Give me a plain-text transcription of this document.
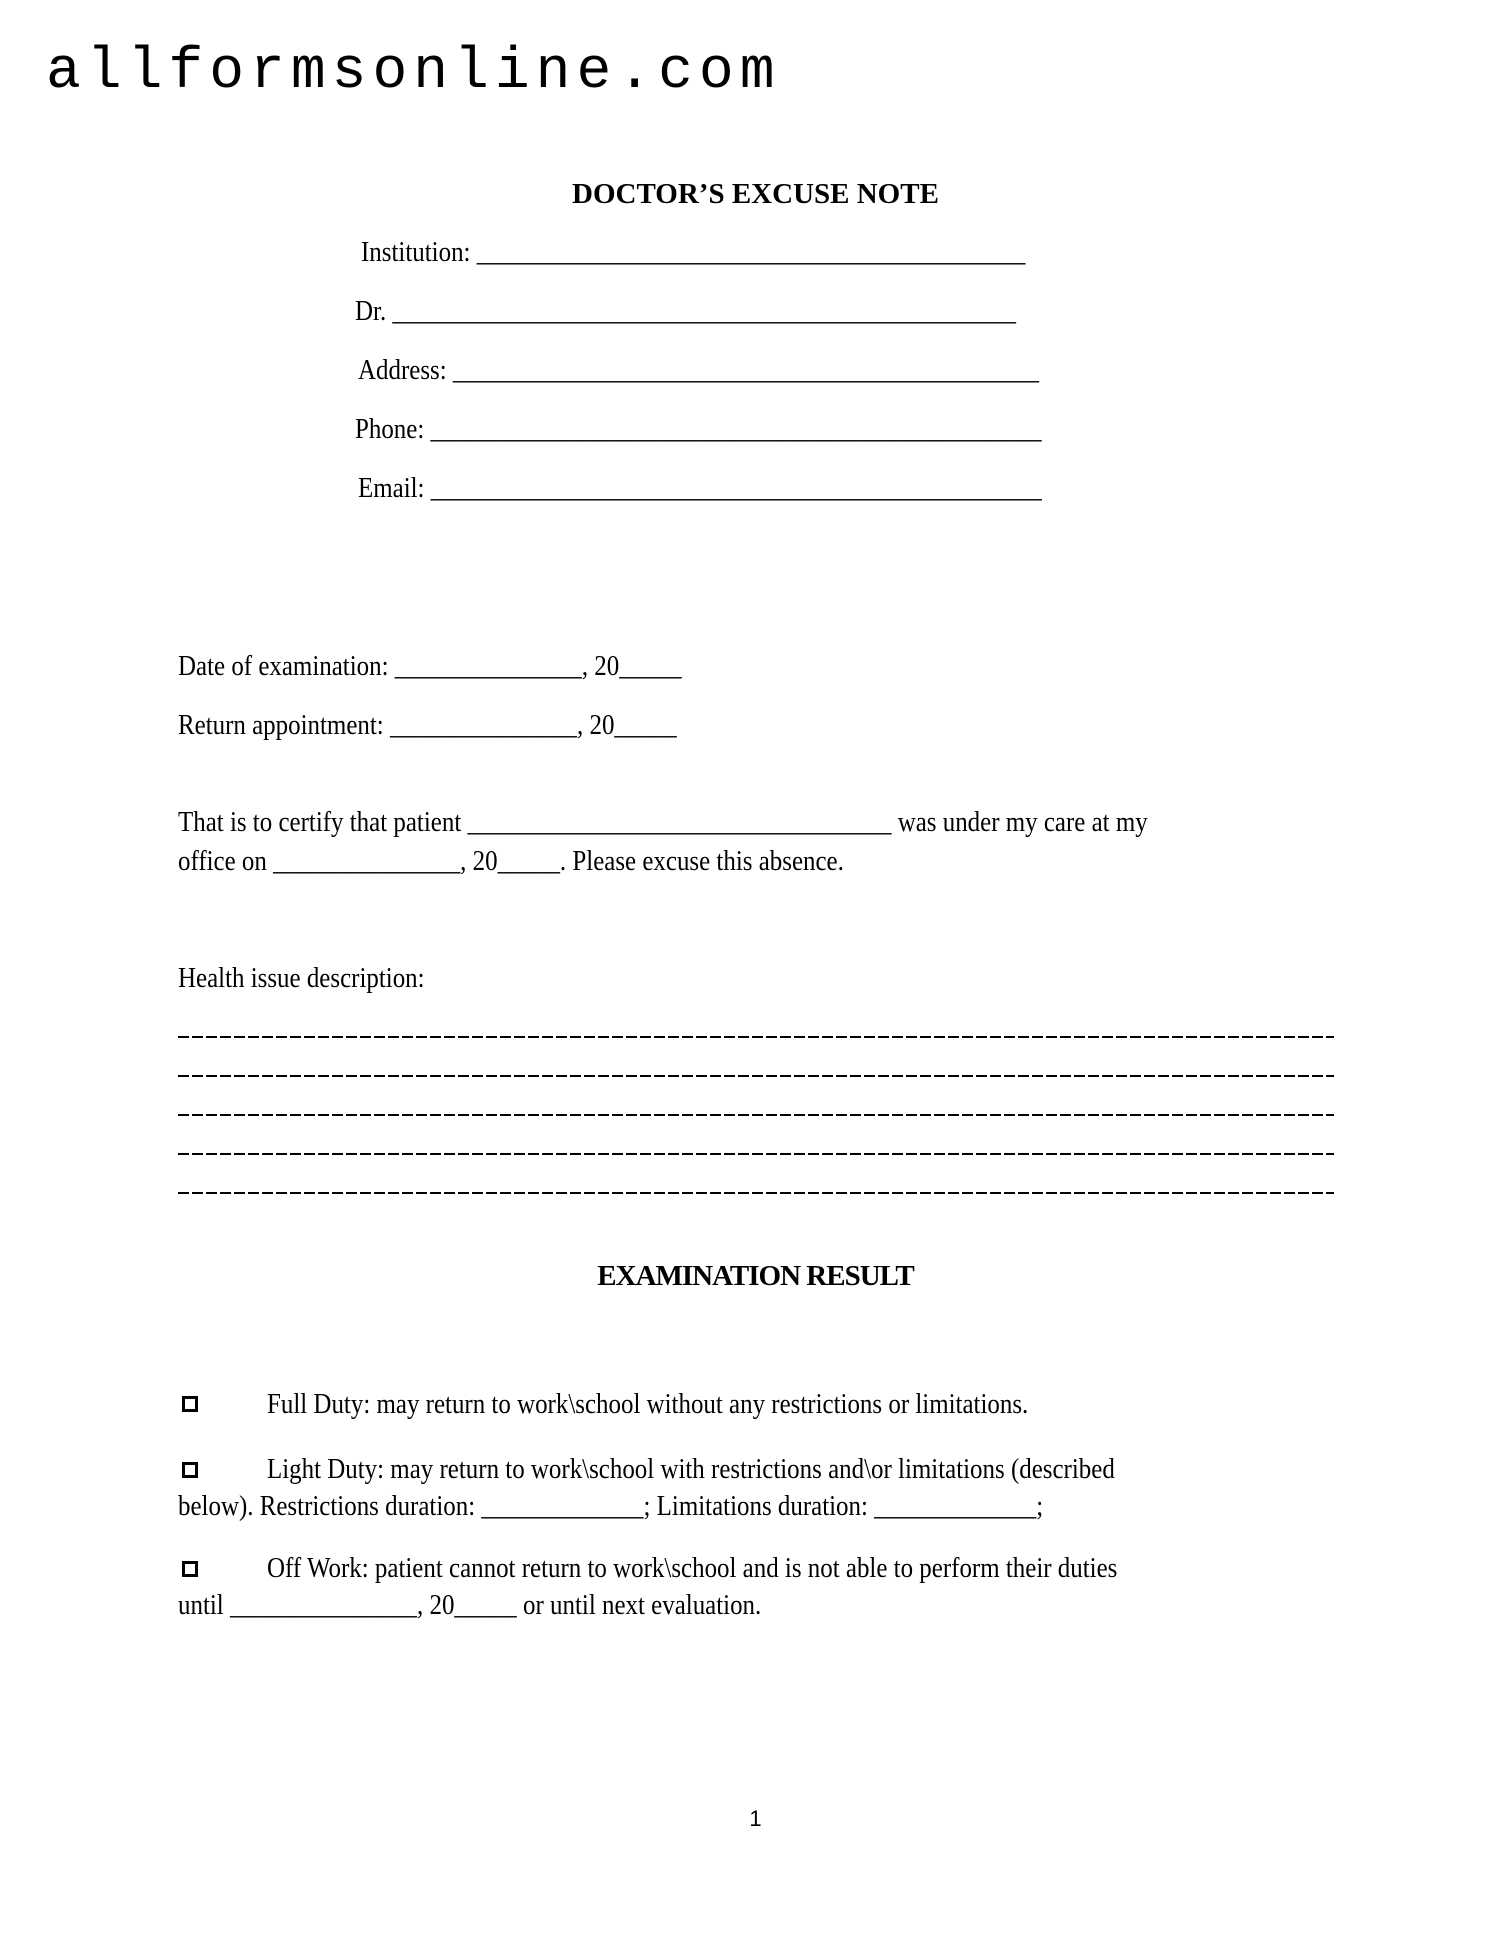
allformsonline.com
DOCTOR’S EXCUSE NOTE
Institution: ____________________________________________
Dr. __________________________________________________
Address: _______________________________________________
Phone: _________________________________________________
Email: _________________________________________________
Date of examination: _______________, 20_____
Return appointment: _______________, 20_____
That is to certify that patient __________________________________ was under my care at my
office on _______________, 20_____. Please excuse this absence.
Health issue description:
EXAMINATION RESULT
Full Duty: may return to work\school without any restrictions or limitations.
Light Duty: may return to work\school with restrictions and\or limitations (described
below). Restrictions duration: _____________; Limitations duration: _____________;
Off Work: patient cannot return to work\school and is not able to perform their duties
until _______________, 20_____ or until next evaluation.
1
